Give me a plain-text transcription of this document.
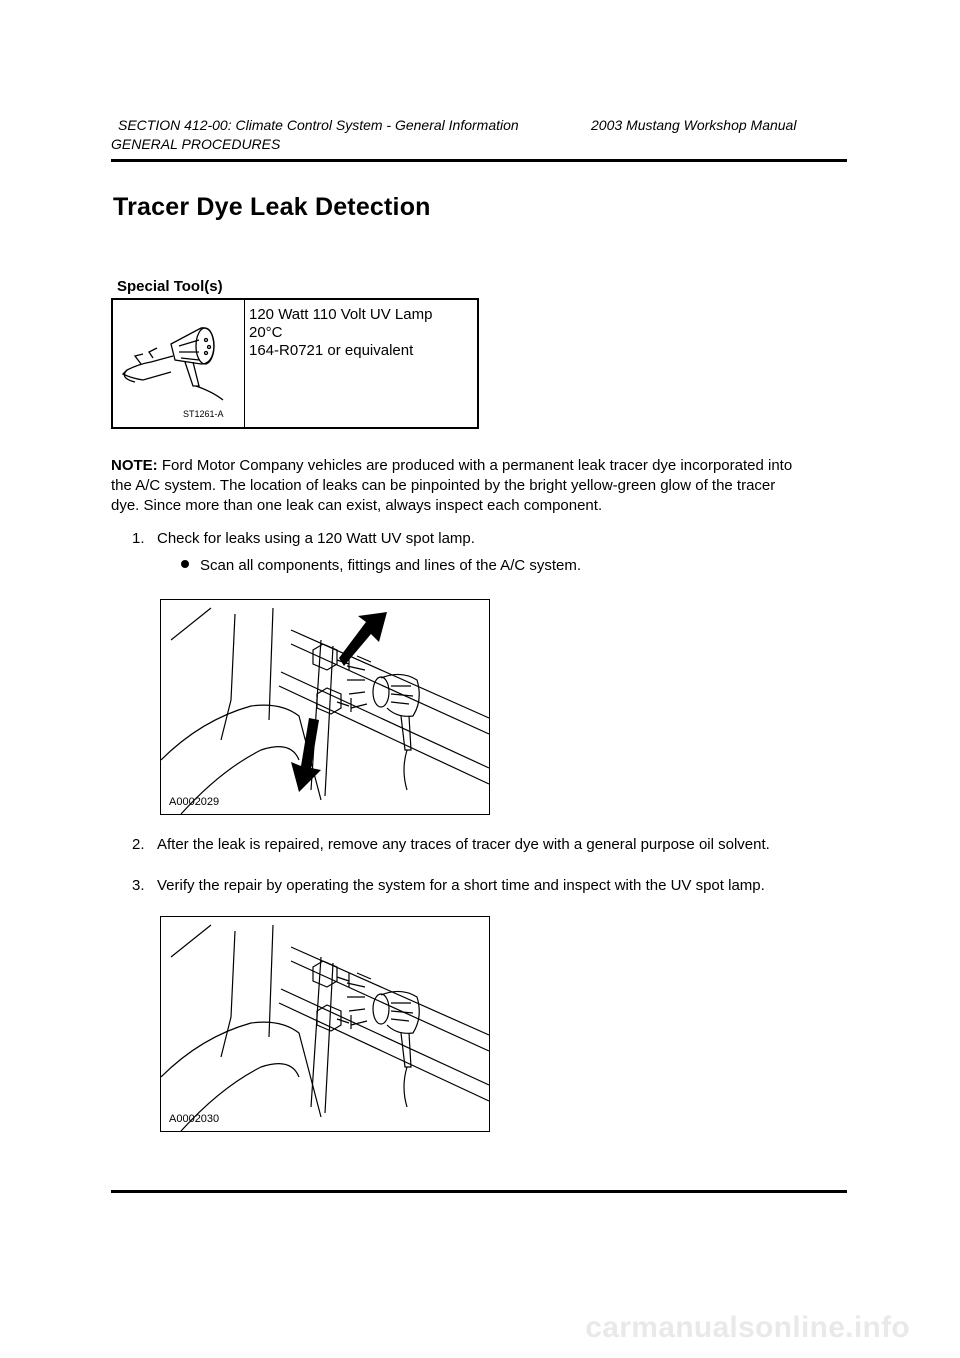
SECTION 412-00: Climate Control System - General Information	2003 Mustang Workshop Manual
GENERAL PROCEDURES
Tracer Dye Leak Detection
Special Tool(s)
ST1261-A
120 Watt 110 Volt UV Lamp
20°C
164-R0721 or equivalent
NOTE: Ford Motor Company vehicles are produced with a permanent leak tracer dye incorporated into
the A/C system. The location of leaks can be pinpointed by the bright yellow-green glow of the tracer
dye. Since more than one leak can exist, always inspect each component.
1. Check for leaks using a 120 Watt UV spot lamp.
Scan all components, fittings and lines of the A/C system.
A0002029
2. After the leak is repaired, remove any traces of tracer dye with a general purpose oil solvent.
3. Verify the repair by operating the system for a short time and inspect with the UV spot lamp.
A0002030
carmanualsonline.info
